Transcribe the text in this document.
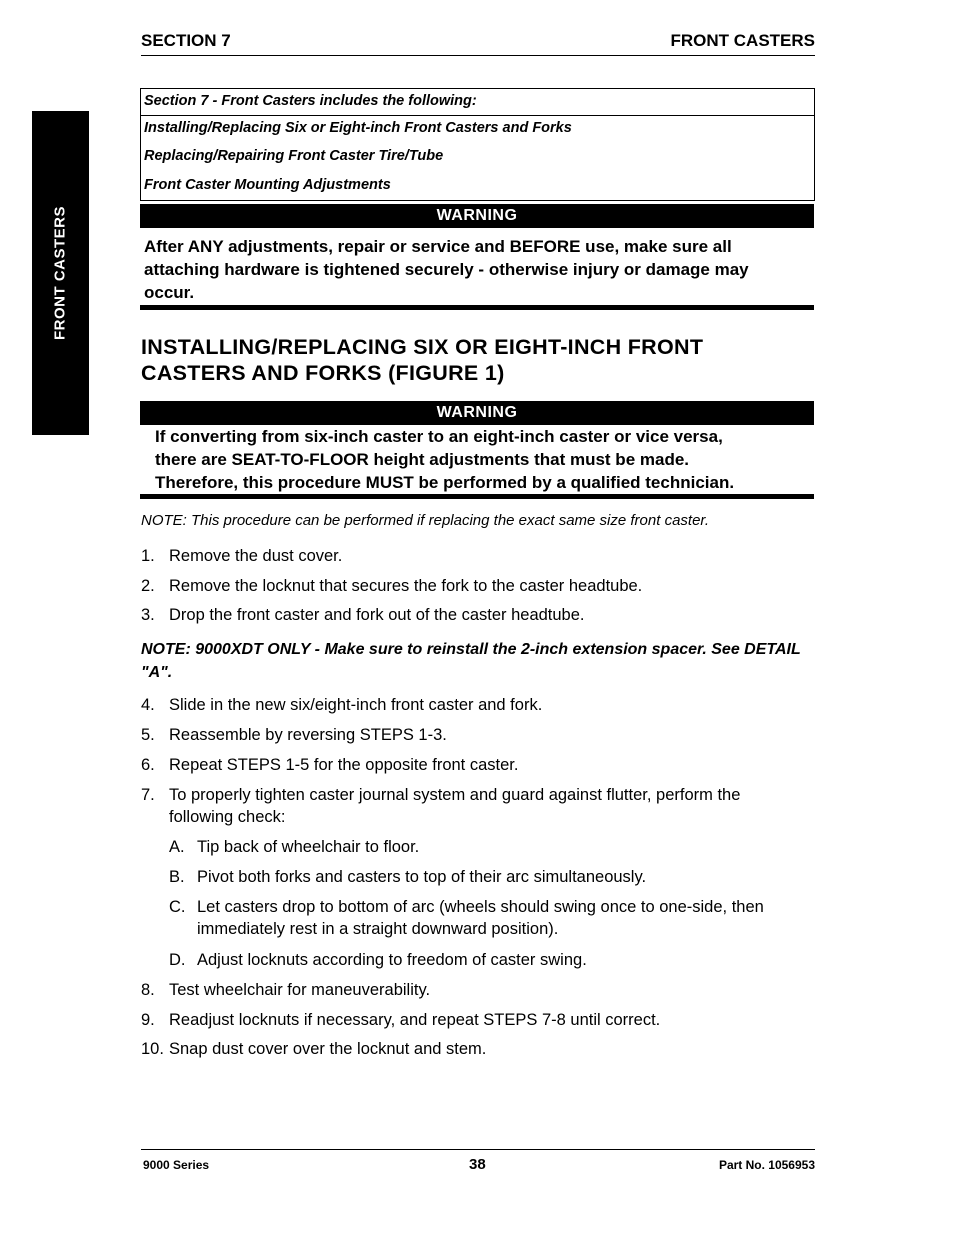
SECTION 7	FRONT CASTERS
FRONT CASTERS
Section 7 - Front Casters includes the following:
Installing/Replacing Six or Eight-inch Front Casters and Forks
Replacing/Repairing Front Caster Tire/Tube
Front Caster Mounting Adjustments
WARNING
After ANY adjustments, repair or service and BEFORE use, make sure all
attaching hardware is tightened securely - otherwise injury or damage may
occur.
INSTALLING/REPLACING SIX OR EIGHT-INCH FRONT
CASTERS AND FORKS (FIGURE 1)
WARNING
If converting from six-inch caster to an eight-inch caster or vice versa,
there are SEAT-TO-FLOOR height adjustments that must be made.
Therefore, this procedure MUST be performed by a qualified technician.
NOTE: This procedure can be performed if replacing the exact same size front caster.
1. Remove the dust cover.
2. Remove the locknut that secures the fork to the caster headtube.
3. Drop the front caster and fork out of the caster headtube.
NOTE: 9000XDT ONLY - Make sure to reinstall the 2-inch extension spacer. See DETAIL "A".
4. Slide in the new six/eight-inch front caster and fork.
5. Reassemble by reversing STEPS 1-3.
6. Repeat STEPS 1-5 for the opposite front caster.
7. To properly tighten caster journal system and guard against flutter, perform the following check:
A. Tip back of wheelchair to floor.
B. Pivot both forks and casters to top of their arc simultaneously.
C. Let casters drop to bottom of arc (wheels should swing once to one-side, then immediately rest in a straight downward position).
D. Adjust locknuts according to freedom of caster swing.
8. Test wheelchair for maneuverability.
9. Readjust locknuts if necessary, and repeat STEPS 7-8 until correct.
10. Snap dust cover over the locknut and stem.
9000 Series	38	Part No. 1056953
